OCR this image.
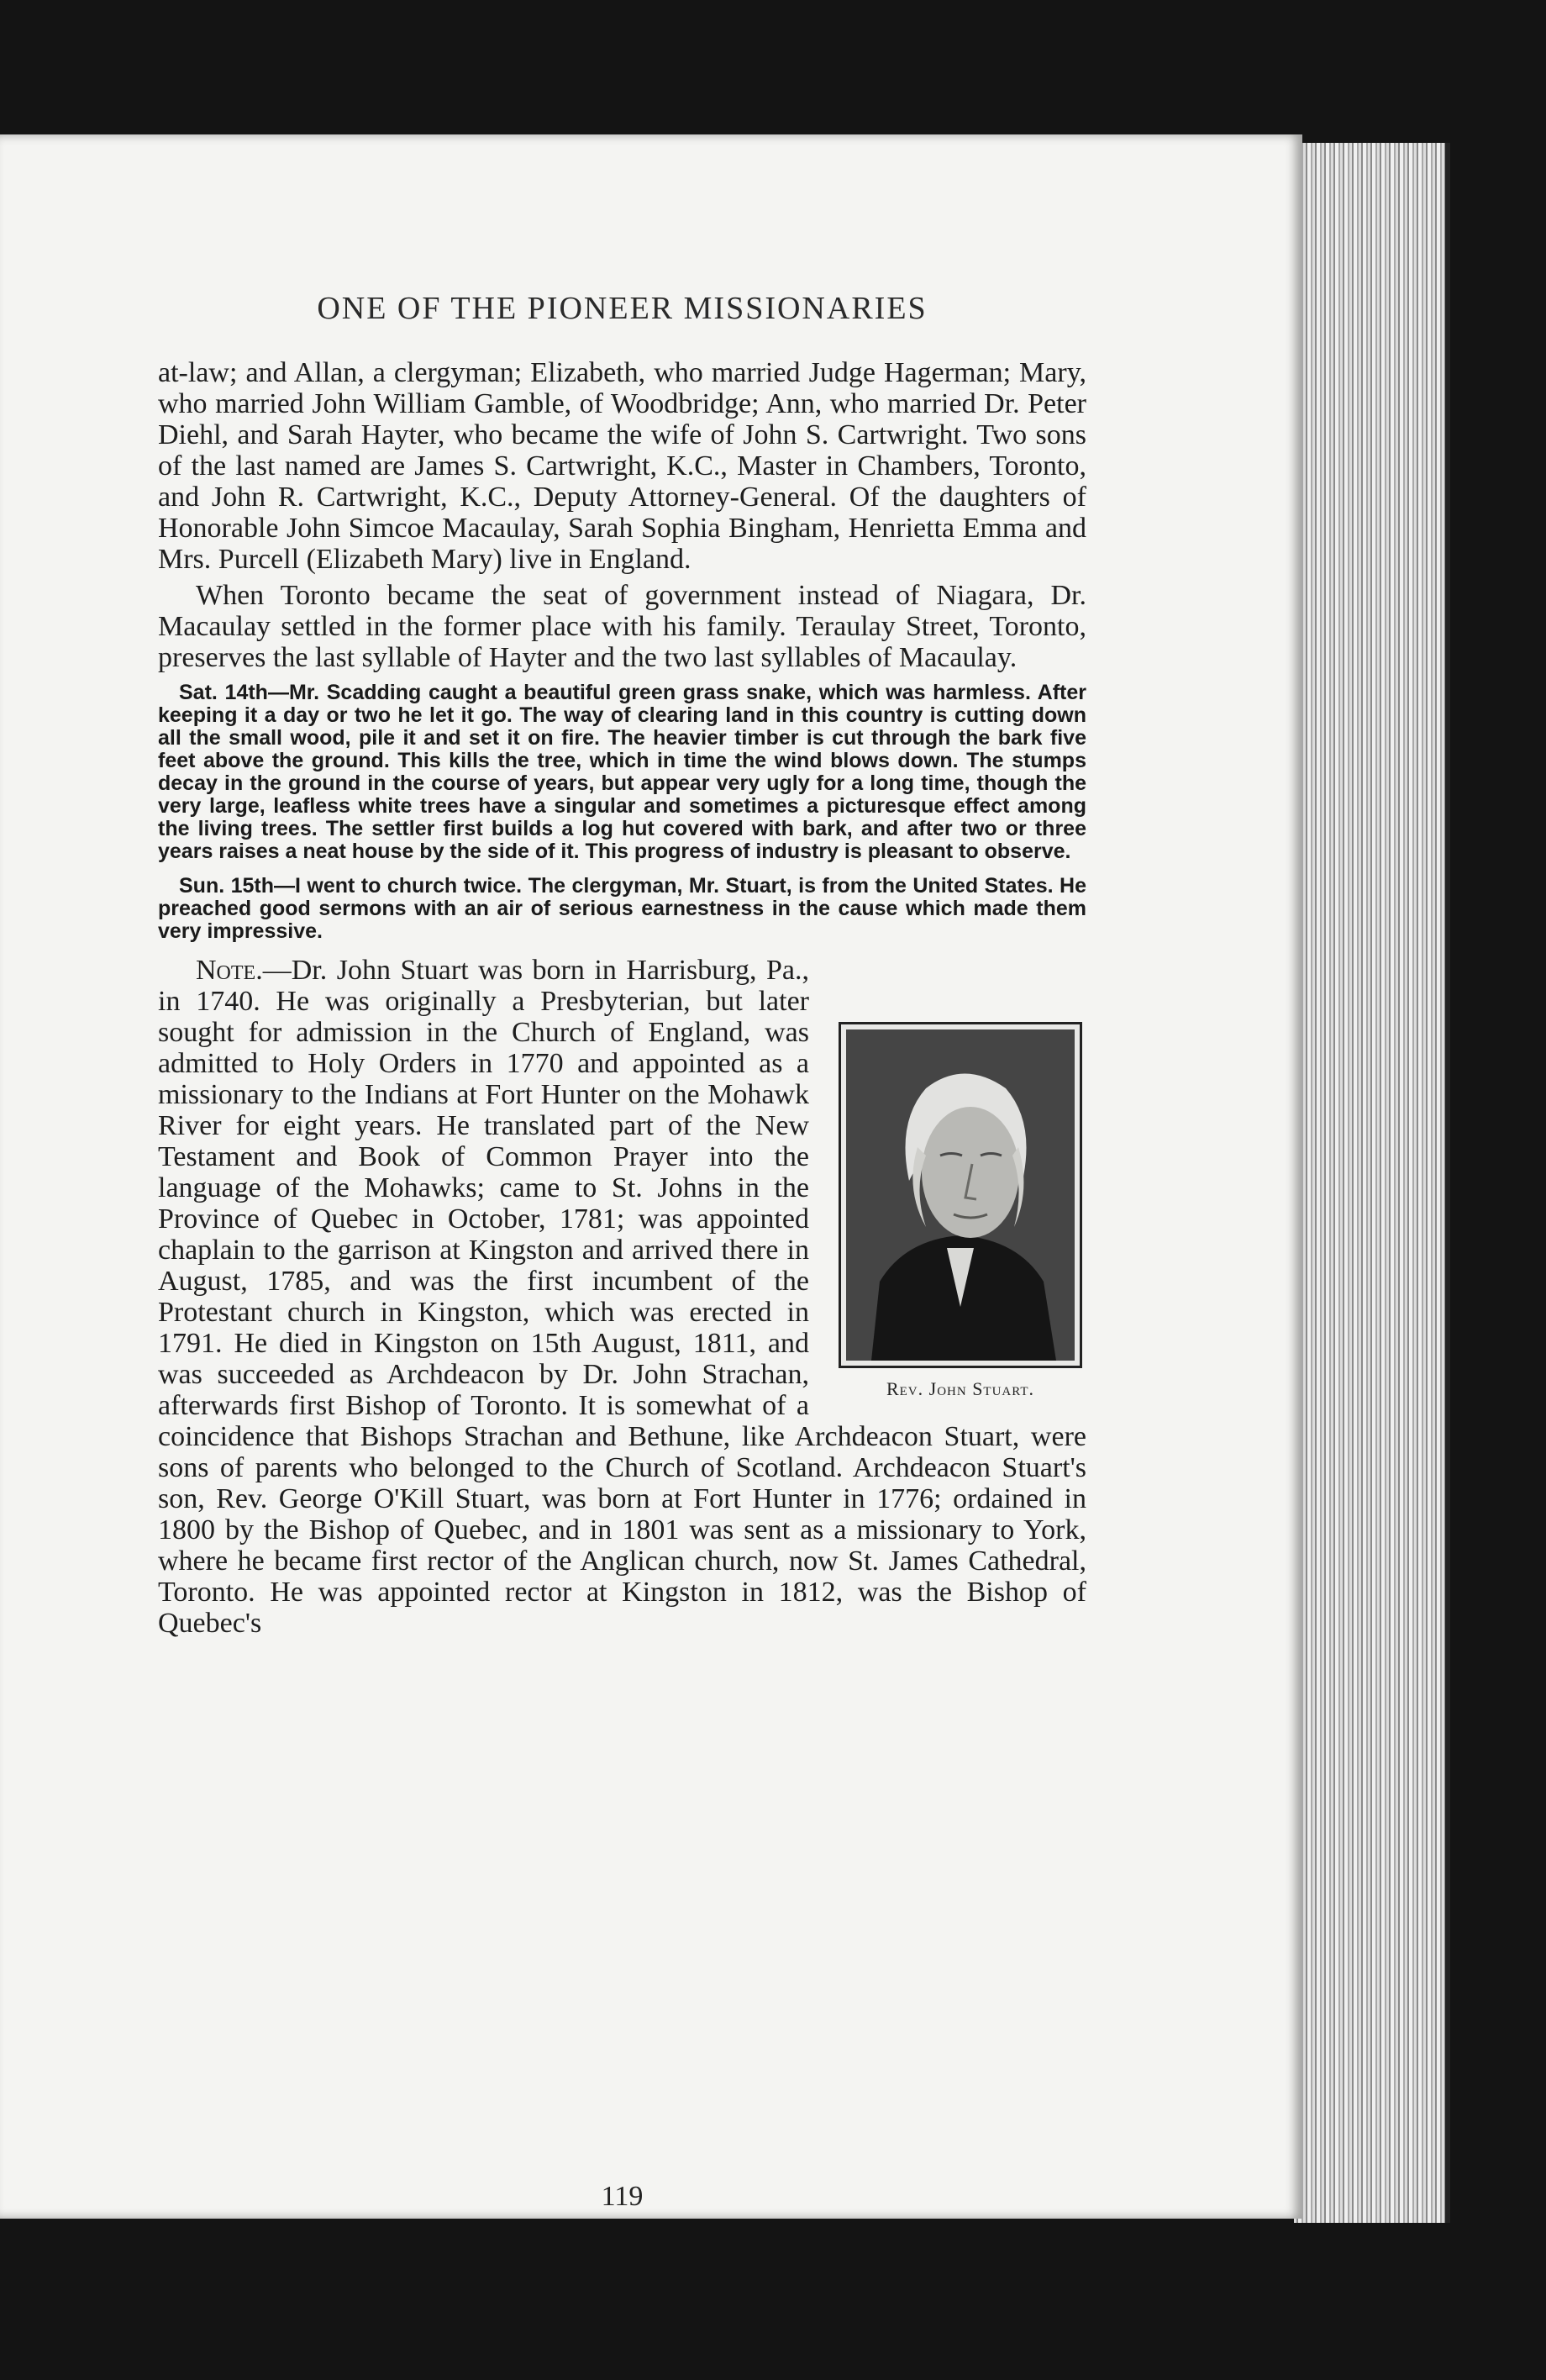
ONE OF THE PIONEER MISSIONARIES

at-law; and Allan, a clergyman; Elizabeth, who married Judge Hagerman; Mary, who married John William Gamble, of Woodbridge; Ann, who married Dr. Peter Diehl, and Sarah Hayter, who became the wife of John S. Cartwright. Two sons of the last named are James S. Cartwright, K.C., Master in Chambers, Toronto, and John R. Cartwright, K.C., Deputy Attorney-General. Of the daughters of Honorable John Simcoe Macaulay, Sarah Sophia Bingham, Henrietta Emma and Mrs. Purcell (Elizabeth Mary) live in England.

When Toronto became the seat of government instead of Niagara, Dr. Macaulay settled in the former place with his family. Teraulay Street, Toronto, preserves the last syllable of Hayter and the two last syllables of Macaulay.

Sat. 14th—Mr. Scadding caught a beautiful green grass snake, which was harmless. After keeping it a day or two he let it go. The way of clearing land in this country is cutting down all the small wood, pile it and set it on fire. The heavier timber is cut through the bark five feet above the ground. This kills the tree, which in time the wind blows down. The stumps decay in the ground in the course of years, but appear very ugly for a long time, though the very large, leafless white trees have a singular and sometimes a picturesque effect among the living trees. The settler first builds a log hut covered with bark, and after two or three years raises a neat house by the side of it. This progress of industry is pleasant to observe.

Sun. 15th—I went to church twice. The clergyman, Mr. Stuart, is from the United States. He preached good sermons with an air of serious earnestness in the cause which made them very impressive.

Rev. John Stuart.

Note.—Dr. John Stuart was born in Harrisburg, Pa., in 1740. He was originally a Presbyterian, but later sought for admission in the Church of England, was admitted to Holy Orders in 1770 and appointed as a missionary to the Indians at Fort Hunter on the Mohawk River for eight years. He translated part of the New Testament and Book of Common Prayer into the language of the Mohawks; came to St. Johns in the Province of Quebec in October, 1781; was appointed chaplain to the garrison at Kingston and arrived there in August, 1785, and was the first incumbent of the Protestant church in Kingston, which was erected in 1791. He died in Kingston on 15th August, 1811, and was succeeded as Archdeacon by Dr. John Strachan, afterwards first Bishop of Toronto. It is somewhat of a coincidence that Bishops Strachan and Bethune, like Archdeacon Stuart, were sons of parents who belonged to the Church of Scotland. Archdeacon Stuart's son, Rev. George O'Kill Stuart, was born at Fort Hunter in 1776; ordained in 1800 by the Bishop of Quebec, and in 1801 was sent as a missionary to York, where he became first rector of the Anglican church, now St. James Cathedral, Toronto. He was appointed rector at Kingston in 1812, was the Bishop of Quebec's

119
